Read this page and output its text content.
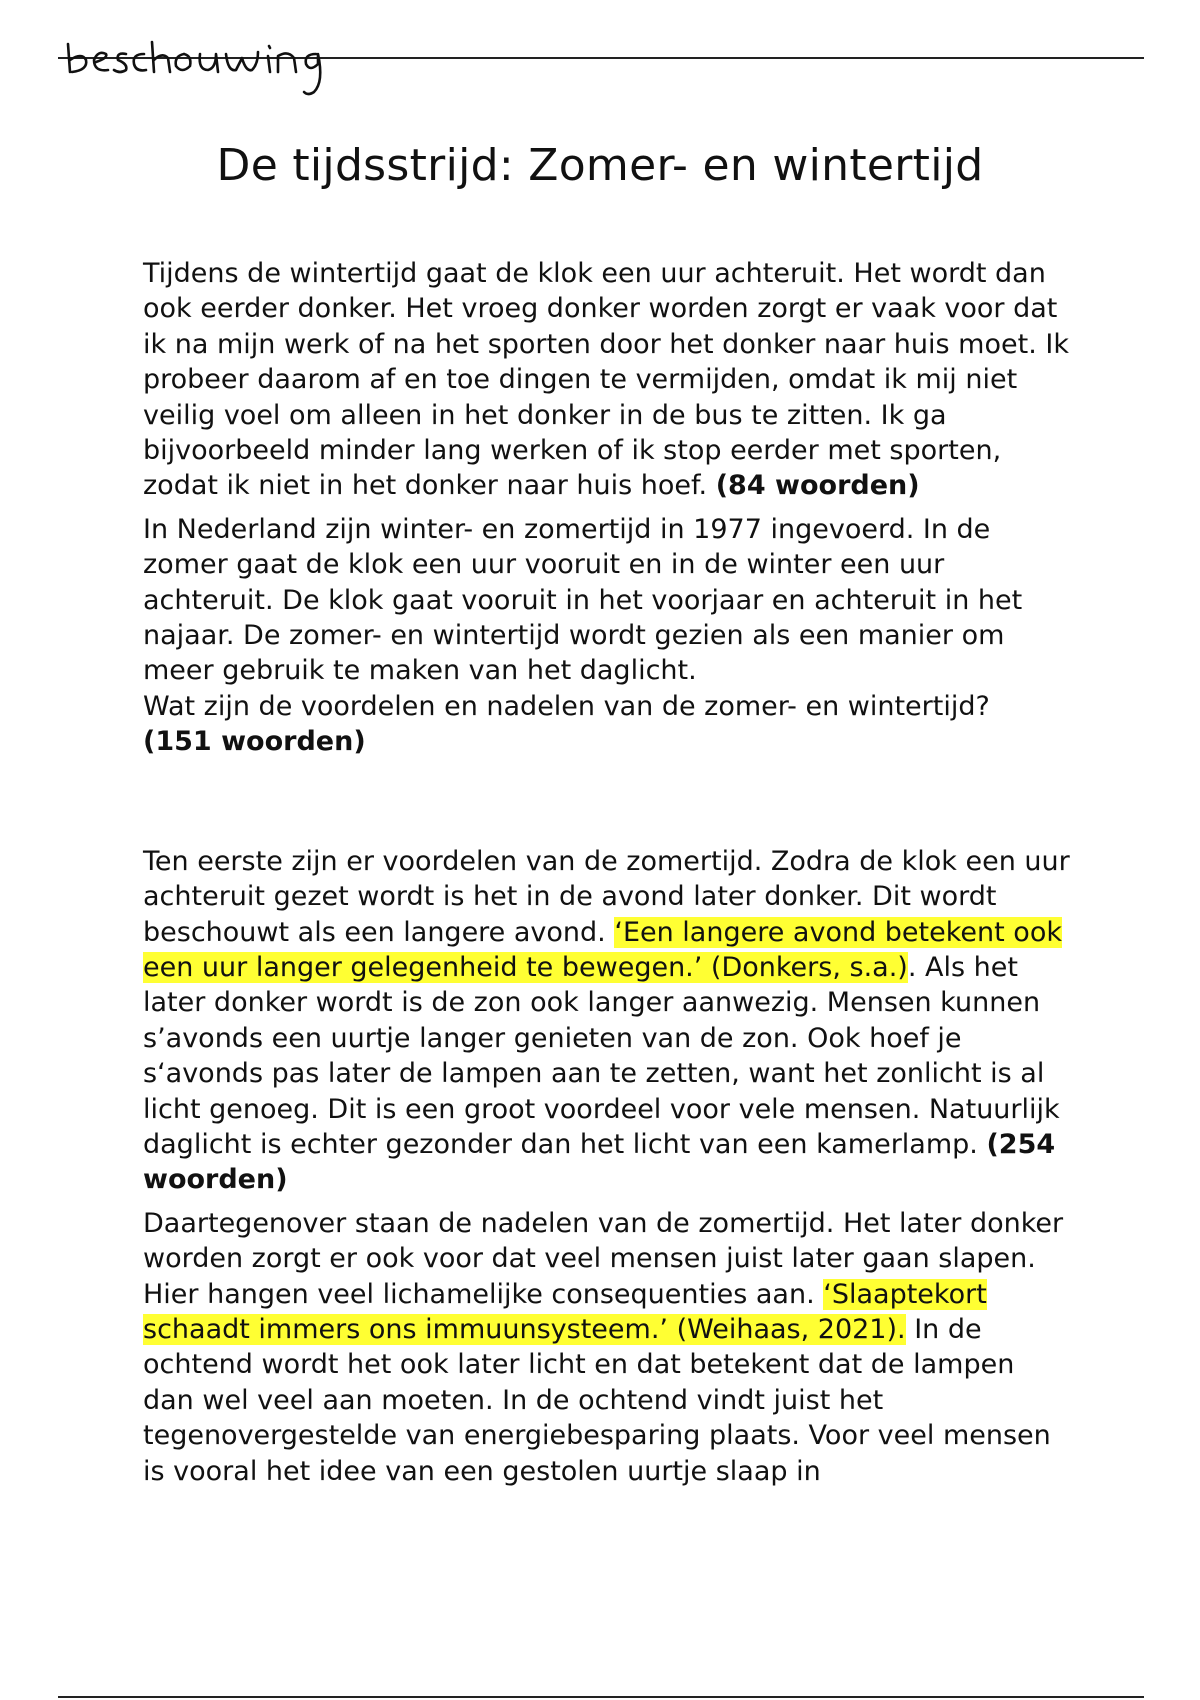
De tijdsstrijd: Zomer- en wintertijd

Tijdens de wintertijd gaat de klok een uur achteruit. Het wordt dan ook eerder donker. Het vroeg donker worden zorgt er vaak voor dat ik na mijn werk of na het sporten door het donker naar huis moet. Ik probeer daarom af en toe dingen te vermijden, omdat ik mij niet veilig voel om alleen in het donker in de bus te zitten. Ik ga bijvoorbeeld minder lang werken of ik stop eerder met sporten, zodat ik niet in het donker naar huis hoef. (84 woorden)

In Nederland zijn winter- en zomertijd in 1977 ingevoerd. In de zomer gaat de klok een uur vooruit en in de winter een uur achteruit. De klok gaat vooruit in het voorjaar en achteruit in het najaar. De zomer- en wintertijd wordt gezien als een manier om meer gebruik te maken van het daglicht.
Wat zijn de voordelen en nadelen van de zomer- en wintertijd?
(151 woorden)

Ten eerste zijn er voordelen van de zomertijd. Zodra de klok een uur achteruit gezet wordt is het in de avond later donker. Dit wordt beschouwt als een langere avond. ‘Een langere avond betekent ook een uur langer gelegenheid te bewegen.’ (Donkers, s.a.). Als het later donker wordt is de zon ook langer aanwezig. Mensen kunnen s’avonds een uurtje langer genieten van de zon. Ook hoef je s‘avonds pas later de lampen aan te zetten, want het zonlicht is al licht genoeg. Dit is een groot voordeel voor vele mensen. Natuurlijk daglicht is echter gezonder dan het licht van een kamerlamp. (254 woorden)

Daartegenover staan de nadelen van de zomertijd. Het later donker worden zorgt er ook voor dat veel mensen juist later gaan slapen. Hier hangen veel lichamelijke consequenties aan. ‘Slaaptekort schaadt immers ons immuunsysteem.’ (Weihaas, 2021). In de ochtend wordt het ook later licht en dat betekent dat de lampen dan wel veel aan moeten. In de ochtend vindt juist het tegenovergestelde van energiebesparing plaats. Voor veel mensen is vooral het idee van een gestolen uurtje slaap in
